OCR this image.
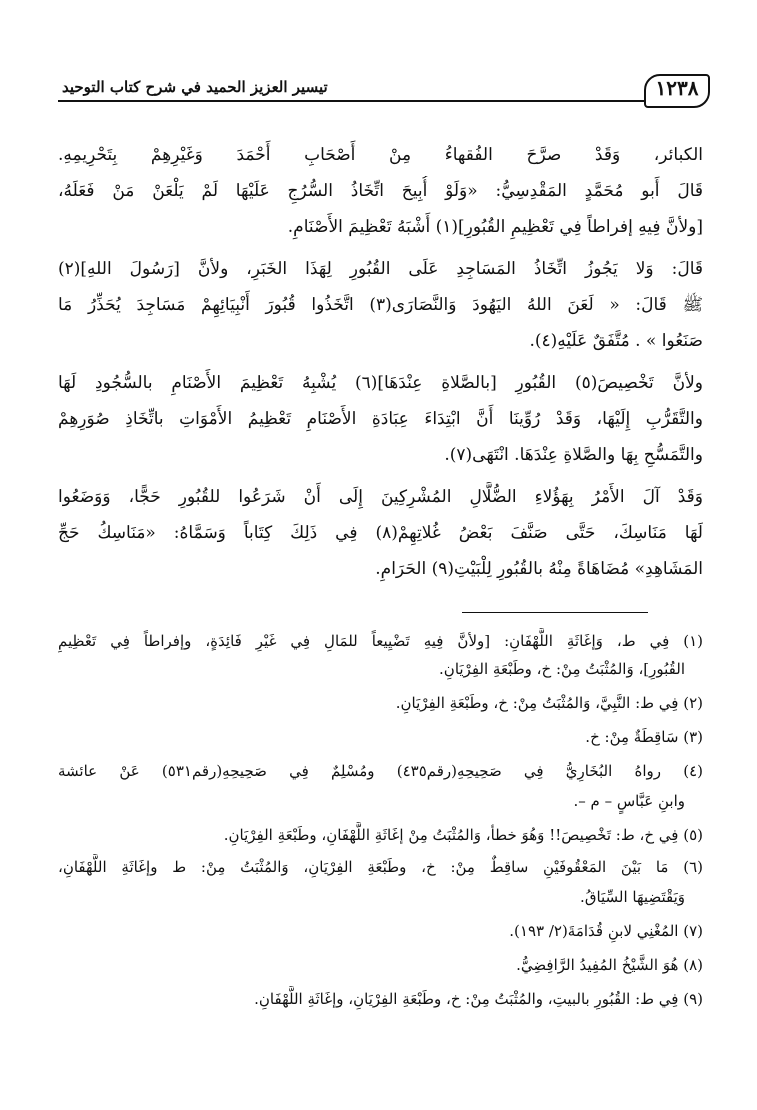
تيسير العزيز الحميد في شرح كتاب التوحيد	١٢٣٨
الكبائر، وَقَدْ صرَّحَ الفُقهاءُ مِنْ أَصْحَابِ أَحْمَدَ وَغَيْرِهِمْ بِتَحْرِيمِهِ.
قَالَ أَبو مُحَمَّدٍ المَقْدِسِيُّ: «وَلَوْ أُبِيحَ اتِّخَاذُ السُّرُجِ عَلَيْهَا لَمْ يَلْعَنْ مَنْ فَعَلَهُ،
[ولأنَّ فِيهِ إفراطاً فِي تَعْظِيمِ القُبُورِ](١) أَشْبَهُ تَعْظِيمَ الأَصْنَامِ.
قَالَ: وَلا يَجُوزُ اتِّخَاذُ المَسَاجِدِ عَلَى القُبُورِ لِهَذَا الخَبَرِ، ولأنَّ [رَسُولَ اللهِ](٢)
ﷺ قَالَ: « لَعَنَ اللهُ اليَهُودَ وَالنَّصَارَى(٣) اتَّخَذُوا قُبُورَ أَنْبِيَائِهِمْ مَسَاجِدَ يُحَذِّرُ مَا
صَنَعُوا » . مُتَّفَقٌ عَلَيْهِ(٤).
ولأنَّ تَخْصِيصَ(٥) القُبُورِ [بالصَّلاةِ عِنْدَهَا](٦) يُشْبِهُ تَعْظِيمَ الأَصْنَامِ بالسُّجُودِ لَهَا
والتَّقَرُّبِ إِلَيْهَا، وَقَدْ رُوِّينَا أَنَّ ابْتِدَاءَ عِبَادَةِ الأَصْنَامِ تَعْظِيمُ الأَمْوَاتِ باتِّخَاذِ صُوَرِهِمْ
والتَّمَسُّحِ بِهَا والصَّلاةِ عِنْدَهَا. انْتَهَى(٧).
وَقَدْ آلَ الأَمْرُ بِهَؤُلاءِ الضُّلَّالِ المُشْرِكِينَ إِلَى أَنْ شَرَعُوا للقُبُورِ حَجًّا، وَوَضَعُوا
لَهَا مَنَاسِكَ، حَتَّى صَنَّفَ بَعْضُ غُلاتِهِمْ(٨) فِي ذَلِكَ كِتَاباً وَسَمَّاهُ: «مَنَاسِكُ حَجِّ
المَشَاهِدِ» مُضَاهَاةً مِنْهُ بالقُبُورِ لِلْبَيْتِ(٩) الحَرَامِ.
(١) فِي ط، وَإغَاثَةِ اللَّهْفَانِ: [ولأنَّ فِيهِ تَضْيِيعاً للمَالِ فِي غَيْرِ فَائِدَةٍ، وإفراطاً فِي تَعْظِيمِ
القُبُورِ]، وَالمُثْبَتُ مِنْ: خ، وطَبْعَةِ الفِرْيَانِ.
(٢) فِي ط: النَّبِيَّ، وَالمُثْبَتُ مِنْ: خ، وطَبْعَةِ الفِرْيَانِ.
(٣) سَاقِطَةٌ مِنْ: خ.
(٤) رواهُ البُخَارِيُّ فِي صَحِيحِهِ(رقم٤٣٥) ومُسْلِمٌ فِي صَحِيحِهِ(رقم٥٣١) عَنْ عائشة
وابنِ عَبَّاسٍ – م –.
(٥) فِي خ، ط: تَخْصِيصَ!! وَهُوَ خطأ، وَالمُثْبَتُ مِنْ إغَاثَةِ اللَّهْفَانِ، وطَبْعَةِ الفِرْيَانِ.
(٦) مَا بَيْنَ المَعْقُوفَيْنِ ساقِطٌ مِنْ: خ، وطَبْعَةِ الفِرْيَانِ، وَالمُثْبَتُ مِنْ: ط وإغَاثَةِ اللَّهْفَانِ،
وَيَقْتَضِيهَا السِّيَاقُ.
(٧) المُغْنِي لابنِ قُدَامَةَ(٢/ ١٩٣).
(٨) هُوَ الشَّيْخُ المُفِيدُ الرَّافِضِيُّ.
(٩) فِي ط: القُبُورِ بالبيتِ، والمُثْبَتُ مِنْ: خ، وطَبْعَةِ الفِرْيَانِ، وإغَاثَةِ اللَّهْفَانِ.
